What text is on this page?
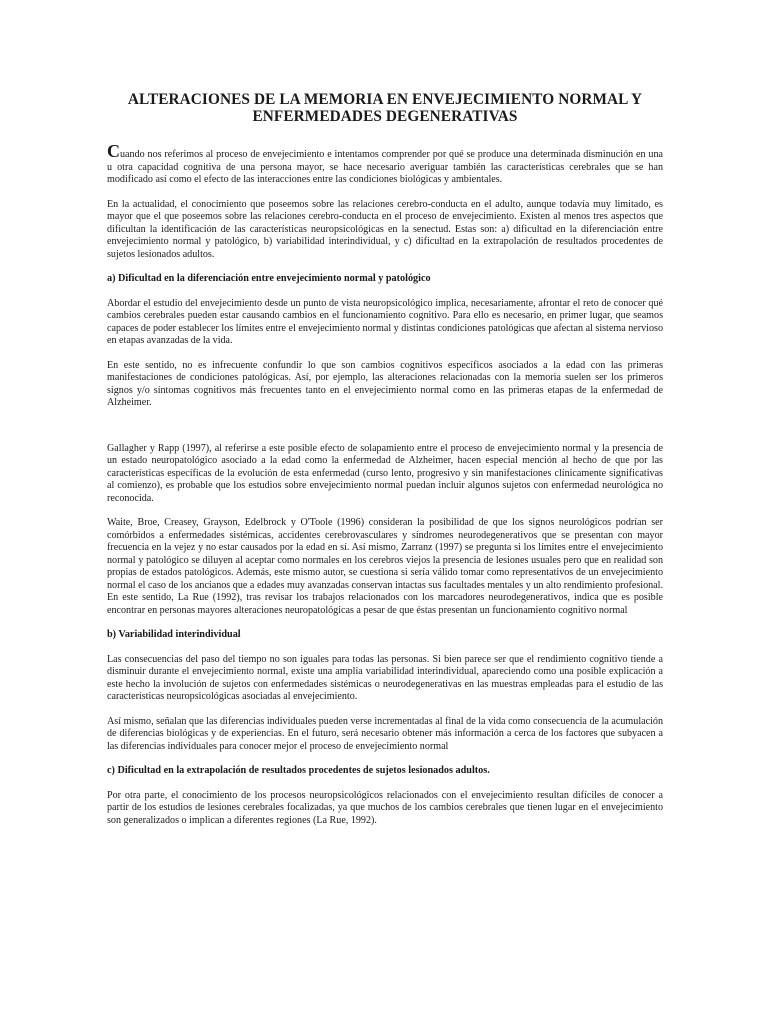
ALTERACIONES DE LA MEMORIA EN ENVEJECIMIENTO NORMAL Y
ENFERMEDADES DEGENERATIVAS

Cuando nos referimos al proceso de envejecimiento e intentamos comprender por qué se produce una determinada disminución en una u otra capacidad cognitiva de una persona mayor, se hace necesario averiguar también las características cerebrales que se han modificado así como el efecto de las interacciones entre las condiciones biológicas y ambientales.

En la actualidad, el conocimiento que poseemos sobre las relaciones cerebro-conducta en el adulto, aunque todavía muy limitado, es mayor que el que poseemos sobre las relaciones cerebro-conducta en el proceso de envejecimiento. Existen al menos tres aspectos que dificultan la identificación de las características neuropsicológicas en la senectud. Estas son: a) dificultad en la diferenciación entre envejecimiento normal y patológico, b) variabilidad interindividual, y c) dificultad en la extrapolación de resultados procedentes de sujetos lesionados adultos.

a) Dificultad en la diferenciación entre envejecimiento normal y patológico

Abordar el estudio del envejecimiento desde un punto de vista neuropsicológico implica, necesariamente, afrontar el reto de conocer qué cambios cerebrales pueden estar causando cambios en el funcionamiento cognitivo. Para ello es necesario, en primer lugar, que seamos capaces de poder establecer los límites entre el envejecimiento normal y distintas condiciones patológicas que afectan al sistema nervioso en etapas avanzadas de la vida.

En este sentido, no es infrecuente confundir lo que son cambios cognitivos específicos asociados a la edad con las primeras manifestaciones de condiciones patológicas. Así, por ejemplo, las alteraciones relacionadas con la memoria suelen ser los primeros signos y/o síntomas cognitivos más frecuentes tanto en el envejecimiento normal como en las primeras etapas de la enfermedad de Alzheimer.

Gallagher y Rapp (1997), al referirse a este posible efecto de solapamiento entre el proceso de envejecimiento normal y la presencia de un estado neuropatológico asociado a la edad como la enfermedad de Alzheimer, hacen especial mención al hecho de que por las características específicas de la evolución de esta enfermedad (curso lento, progresivo y sin manifestaciones clínicamente significativas al comienzo), es probable que los estudios sobre envejecimiento normal puedan incluir algunos sujetos con enfermedad neurológica no reconocida.

Waite, Broe, Creasey, Grayson, Edelbrock y O'Toole (1996) consideran la posibilidad de que los signos neurológicos podrían ser comórbidos a enfermedades sistémicas, accidentes cerebrovasculares y síndromes neurodegenerativos que se presentan con mayor frecuencia en la vejez y no estar causados por la edad en sí. Así mismo, Zarranz (1997) se pregunta si los límites entre el envejecimiento normal y patológico se diluyen al aceptar como normales en los cerebros viejos la presencia de lesiones usuales pero que en realidad son propias de estados patológicos. Además, este mismo autor, se cuestiona si sería válido tomar como representativos de un envejecimiento normal el caso de los ancianos que a edades muy avanzadas conservan intactas sus facultades mentales y un alto rendimiento profesional. En este sentido, La Rue (1992), tras revisar los trabajos relacionados con los marcadores neurodegenerativos, indica que es posible encontrar en personas mayores alteraciones neuropatológicas a pesar de que éstas presentan un funcionamiento cognitivo normal

b) Variabilidad interindividual

Las consecuencias del paso del tiempo no son iguales para todas las personas. Si bien parece ser que el rendimiento cognitivo tiende a disminuir durante el envejecimiento normal, existe una amplia variabilidad interindividual, apareciendo como una posible explicación a este hecho la involución de sujetos con enfermedades sistémicas o neurodegenerativas en las muestras empleadas para el estudio de las características neuropsicológicas asociadas al envejecimiento.

Así mismo, señalan que las diferencias individuales pueden verse incrementadas al final de la vida como consecuencia de la acumulación de diferencias biológicas y de experiencias. En el futuro, será necesario obtener más información a cerca de los factores que subyacen a las diferencias individuales para conocer mejor el proceso de envejecimiento normal

c) Dificultad en la extrapolación de resultados procedentes de sujetos lesionados adultos.

Por otra parte, el conocimiento de los procesos neuropsicológicos relacionados con el envejecimiento resultan difíciles de conocer a partir de los estudios de lesiones cerebrales focalizadas, ya que muchos de los cambios cerebrales que tienen lugar en el envejecimiento son generalizados o implican a diferentes regiones (La Rue, 1992).
